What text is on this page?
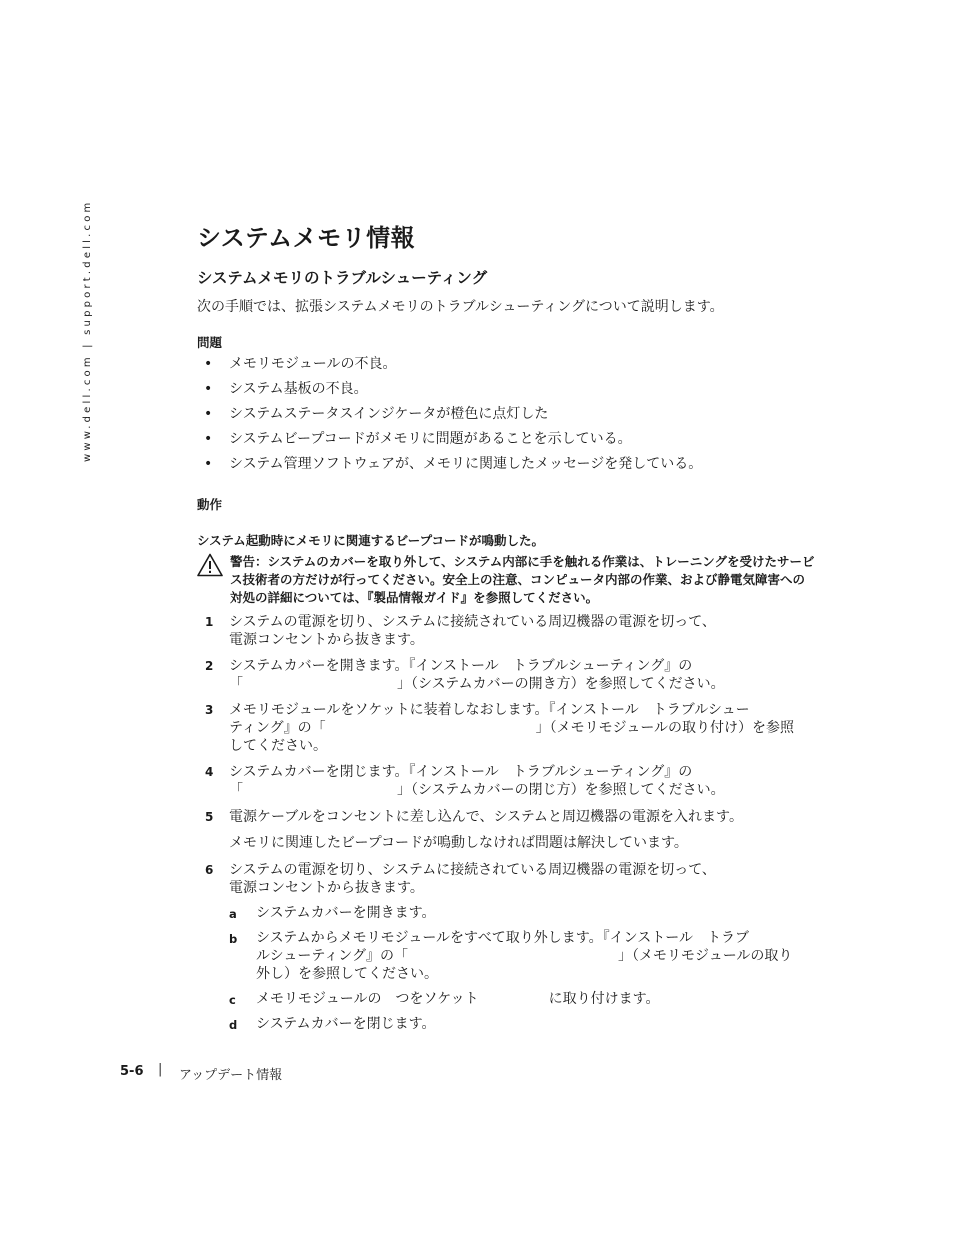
www.dell.com | support.dell.com	システムメモリ情報
システムメモリのトラブルシューティング

次の手順では、拡張システムメモリのトラブルシューティングについて説明します。

問題
• メモリモジュールの不良。
• システム基板の不良。
• システムステータスインジケータが橙色に点灯した
• システムビープコードがメモリに問題があることを示している。
• システム管理ソフトウェアが、メモリに関連したメッセージを発している。
動作
システム起動時にメモリに関連するビープコードが鳴動した。
警告：システムのカバーを取り外して、システム内部に手を触れる作業は、トレーニングを受けたサービス技術者の方だけが行ってください。安全上の注意、コンピュータ内部の作業、および静電気障害への対処の詳細については、『製品情報ガイド』を参照してください。
1	システムの電源を切り、システムに接続されている周辺機器の電源を切って、
電源コンセントから抜きます。
2	システムカバーを開きます。『インストール　トラブルシューティング』の
「　　　　　　　　　　　」（システムカバーの開き方）を参照してください。
3	メモリモジュールをソケットに装着しなおします。『インストール　トラブルシュー
ティング』の「　　　　　　　　　　　　　　　」（メモリモジュールの取り付け）を参照
してください。
4	システムカバーを閉じます。『インストール　トラブルシューティング』の
「　　　　　　　　　　　」（システムカバーの閉じ方）を参照してください。
5	電源ケーブルをコンセントに差し込んで、システムと周辺機器の電源を入れます。
メモリに関連したビープコードが鳴動しなければ問題は解決しています。
6	システムの電源を切り、システムに接続されている周辺機器の電源を切って、
電源コンセントから抜きます。
a システムカバーを開きます。
b システムからメモリモジュールをすべて取り外します。『インストール　トラブ
ルシューティング』の「　　　　　　　　　　　　　　　」（メモリモジュールの取り
外し）を参照してください。
c メモリモジュールの　つをソケット　　　　　に取り付けます。
d システムカバーを閉じます。
5-6 | アップデート情報
